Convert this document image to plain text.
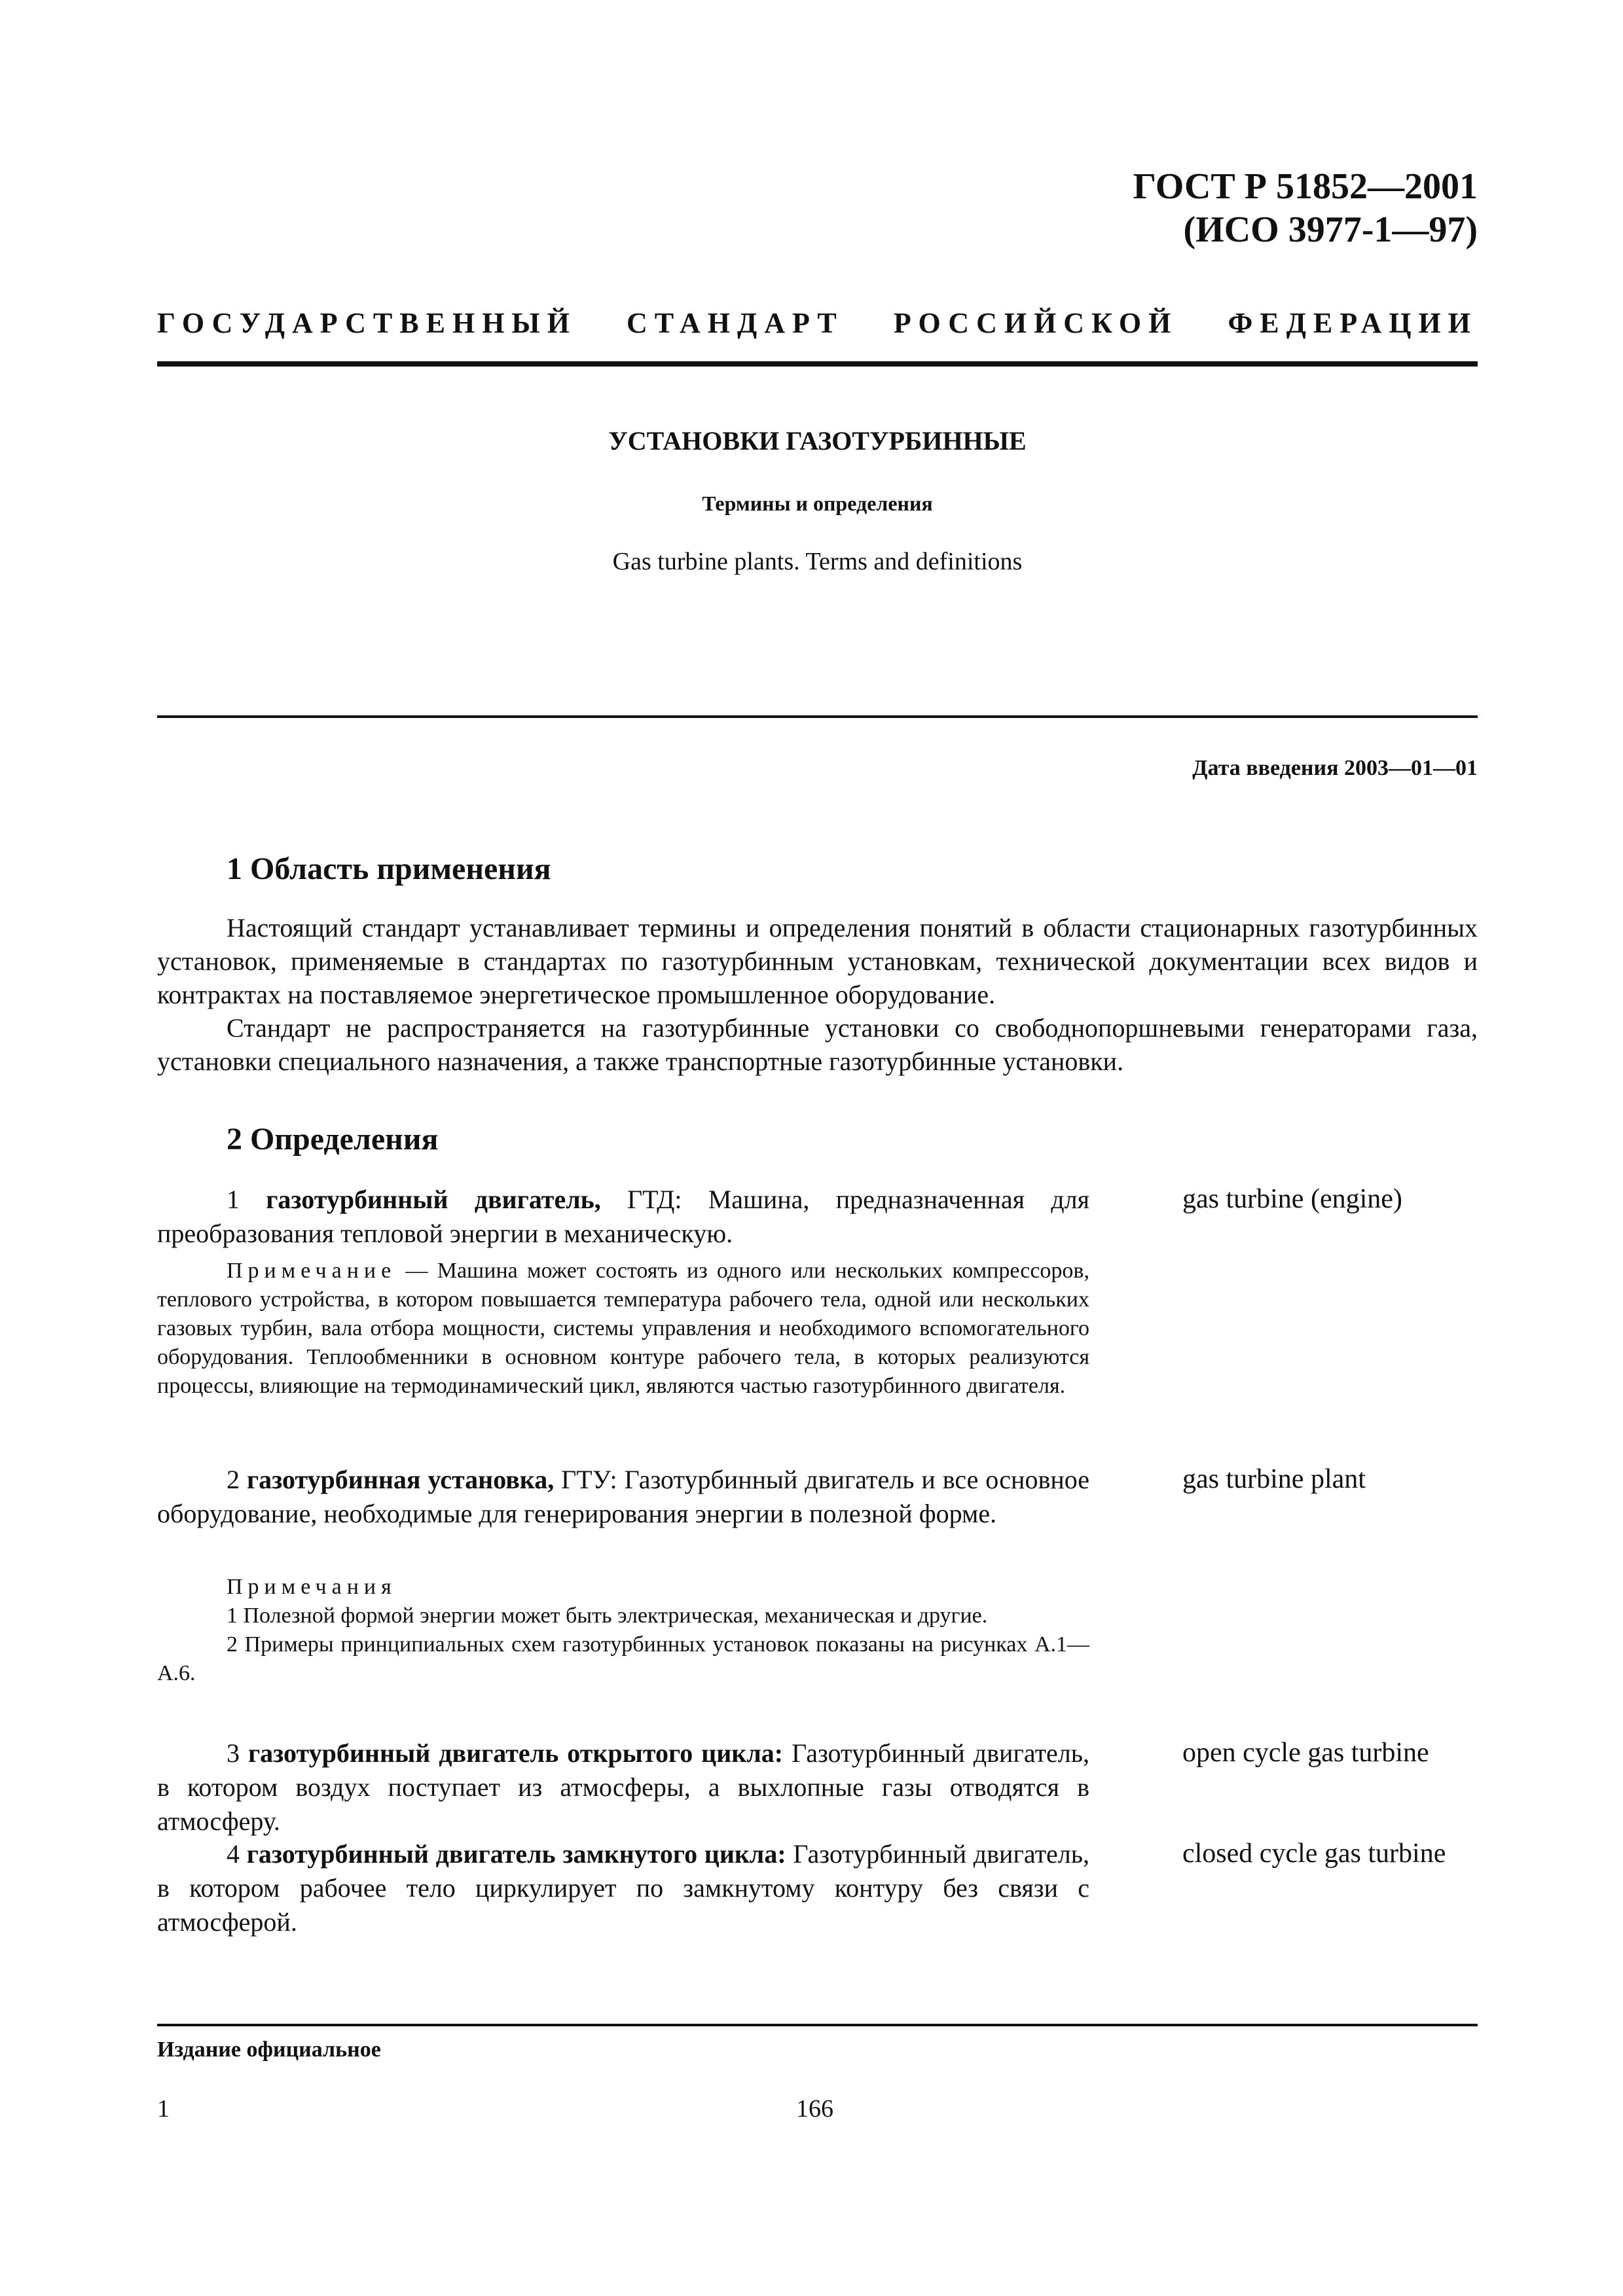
ГОСТ Р 51852—2001
(ИСО 3977-1—97)
ГОСУДАРСТВЕННЫЙ СТАНДАРТ РОССИЙСКОЙ ФЕДЕРАЦИИ
УСТАНОВКИ ГАЗОТУРБИННЫЕ
Термины и определения
Gas turbine plants. Terms and definitions
Дата введения 2003—01—01
1 Область применения

Настоящий стандарт устанавливает термины и определения понятий в области стационарных газотурбинных установок, применяемые в стандартах по газотурбинным установкам, технической документации всех видов и контрактах на поставляемое энергетическое промышленное оборудование.

Стандарт не распространяется на газотурбинные установки со свободнопоршневыми генераторами газа, установки специального назначения, а также транспортные газотурбинные установки.

2 Определения

1 газотурбинный двигатель, ГТД: Машина, предназначенная для преобразования тепловой энергии в механическую.

gas turbine (engine)

Примечание — Машина может состоять из одного или нескольких компрессоров, теплового устройства, в котором повышается температура рабочего тела, одной или нескольких газовых турбин, вала отбора мощности, системы управления и необходимого вспомогательного оборудования. Теплообменники в основном контуре рабочего тела, в которых реализуются процессы, влияющие на термодинамический цикл, являются частью газотурбинного двигателя.

2 газотурбинная установка, ГТУ: Газотурбинный двигатель и все основное оборудование, необходимые для генерирования энергии в полезной форме.

gas turbine plant

Примечания

1 Полезной формой энергии может быть электрическая, механическая и другие.

2 Примеры принципиальных схем газотурбинных установок показаны на рисунках А.1—А.6.

3 газотурбинный двигатель открытого цикла: Газотурбинный двигатель, в котором воздух поступает из атмосферы, а выхлопные газы отводятся в атмосферу.

open cycle gas turbine

4 газотурбинный двигатель замкнутого цикла: Газотурбинный двигатель, в котором рабочее тело циркулирует по замкнутому контуру без связи с атмосферой.

closed cycle gas turbine
Издание официальное
1	166
